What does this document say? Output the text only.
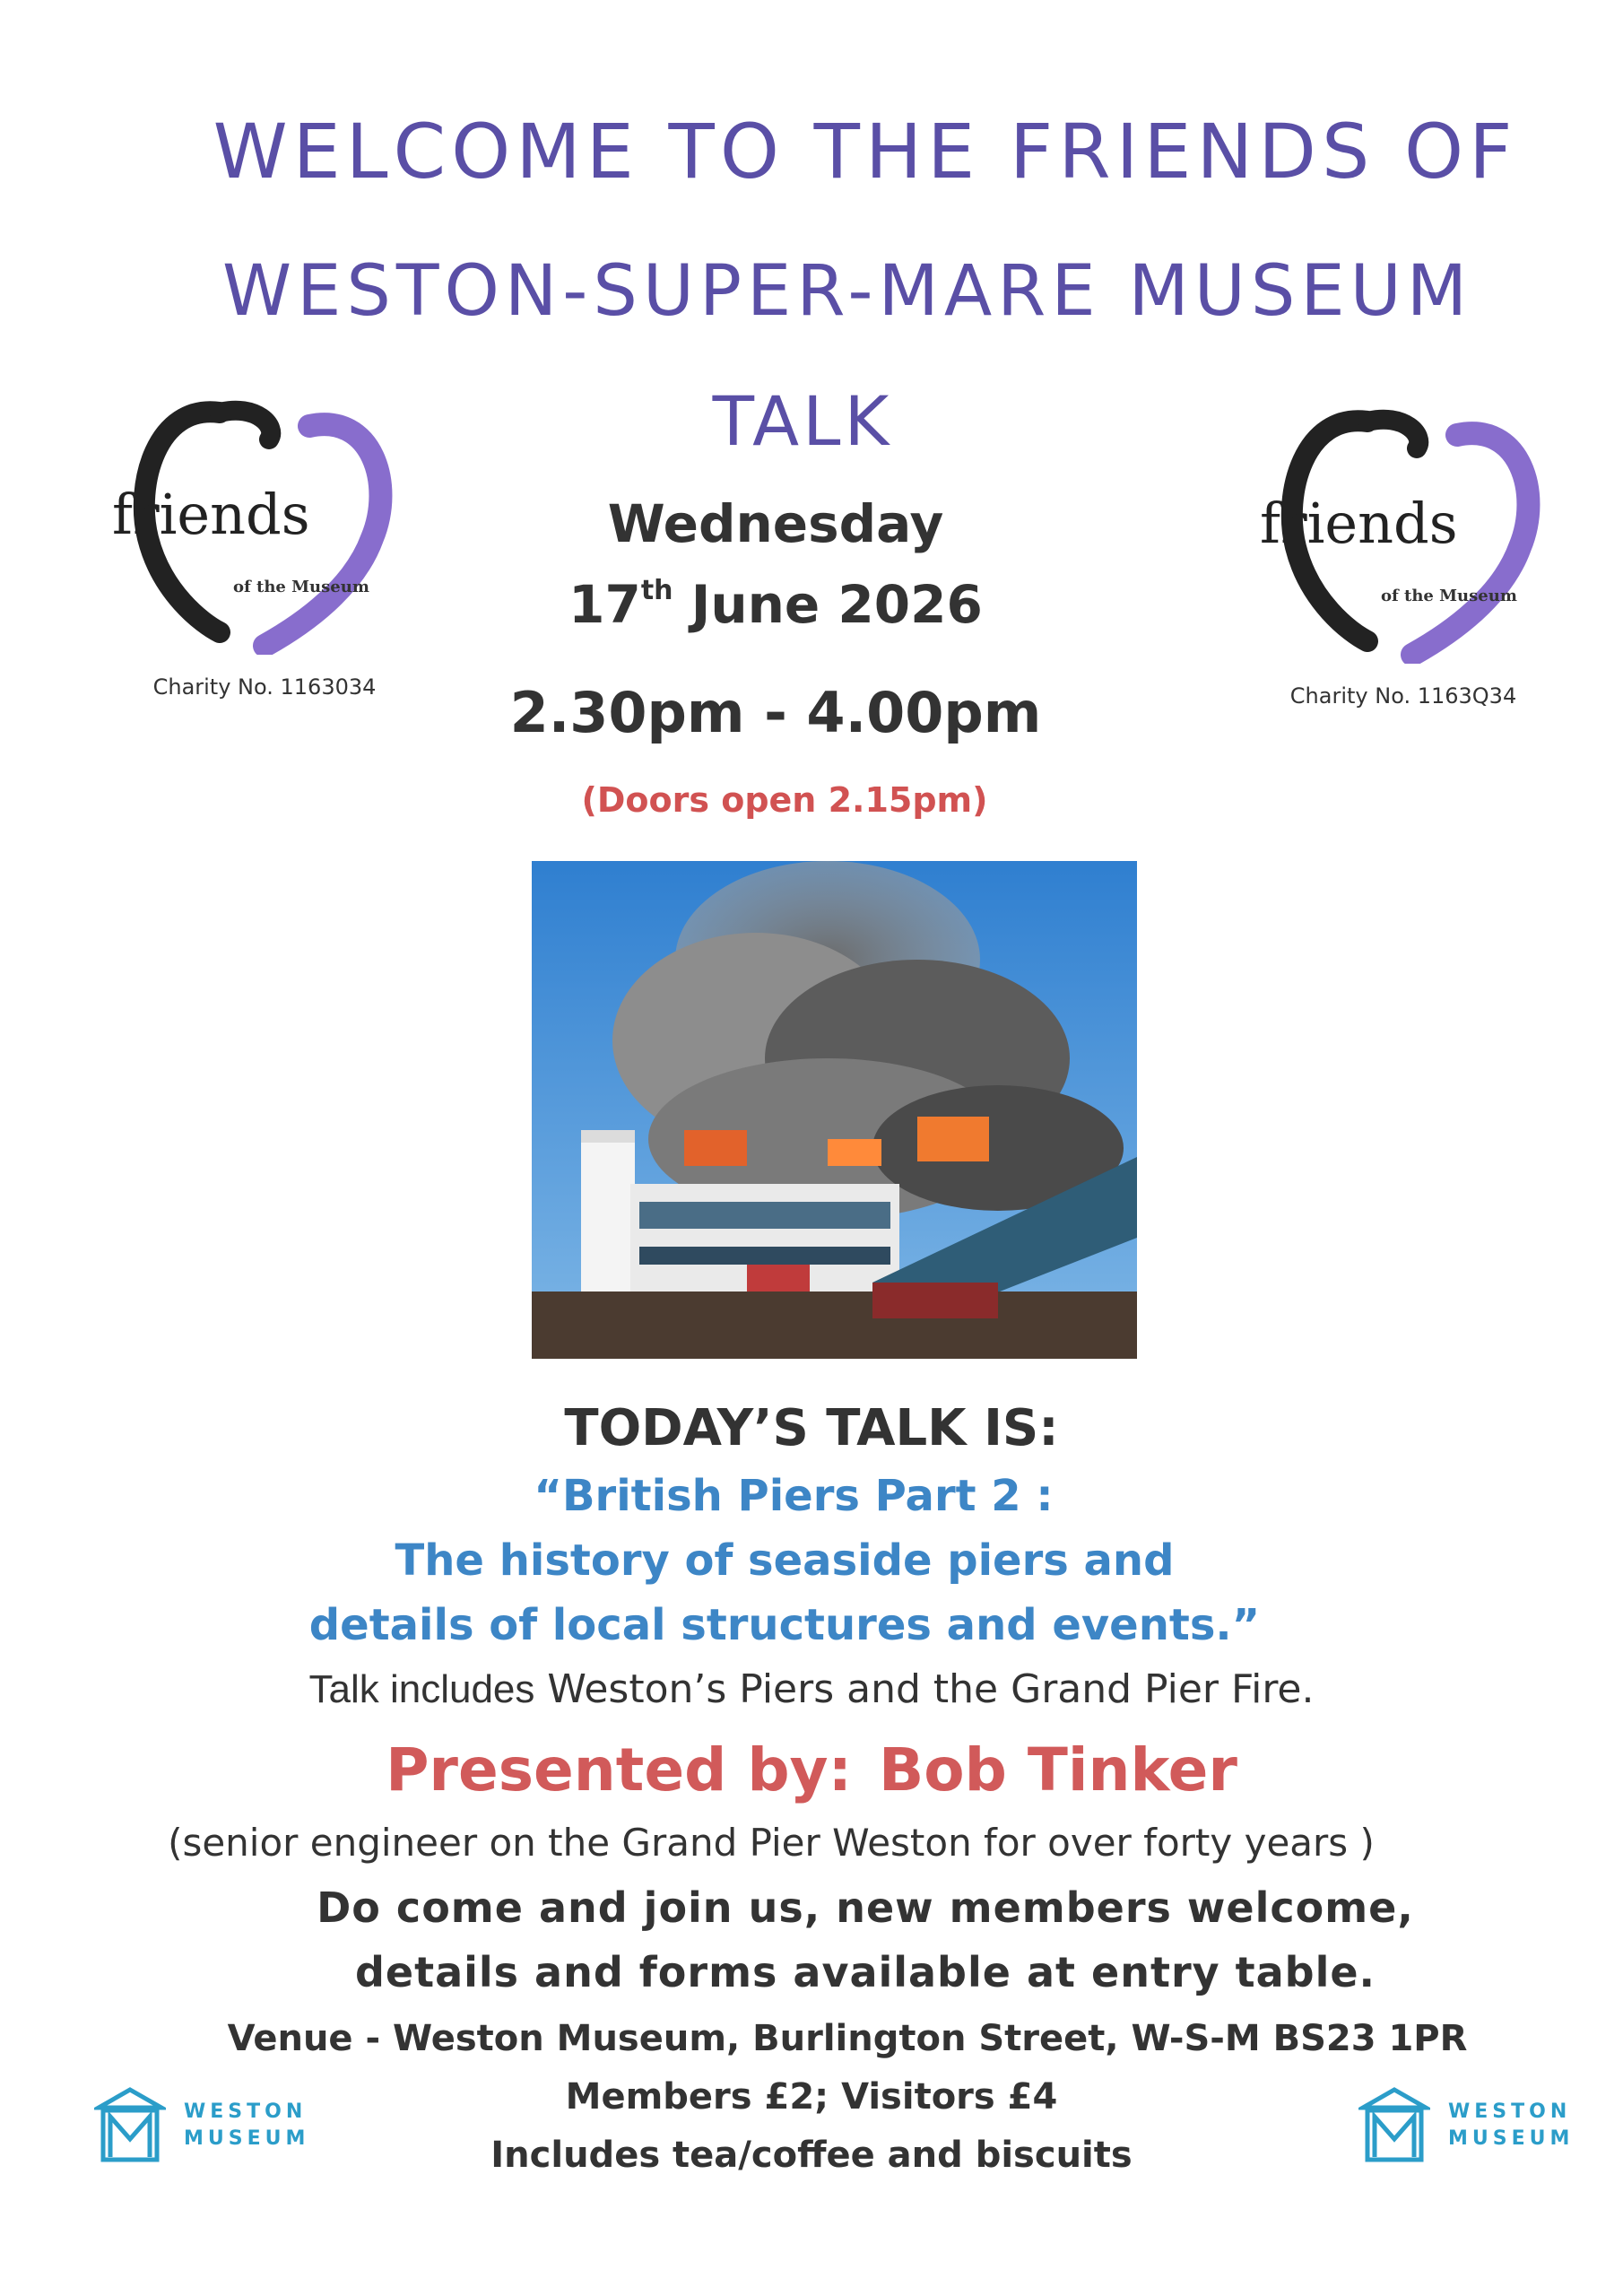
WELCOME TO THE FRIENDS OF
WESTON-SUPER-MARE MUSEUM
TALK
friends
of the Museum
Charity No. 1163034
friends
of the Museum
Charity No. 1163Q34
Wednesday
17th June 2026
2.30pm - 4.00pm
(Doors open 2.15pm)
TODAY’S TALK IS:
“British Piers Part 2 :
The history of seaside piers and
details of local structures and events.”
Talk includes Weston’s Piers and the Grand Pier Fire.
Presented by: Bob Tinker
(senior engineer on the Grand Pier Weston for over forty years )
Do come and join us, new members welcome,
details and forms available at entry table.
Venue - Weston Museum, Burlington Street, W-S-M BS23 1PR
Members £2; Visitors £4
Includes tea/coffee and biscuits
WESTON
MUSEUM
WESTON
MUSEUM
